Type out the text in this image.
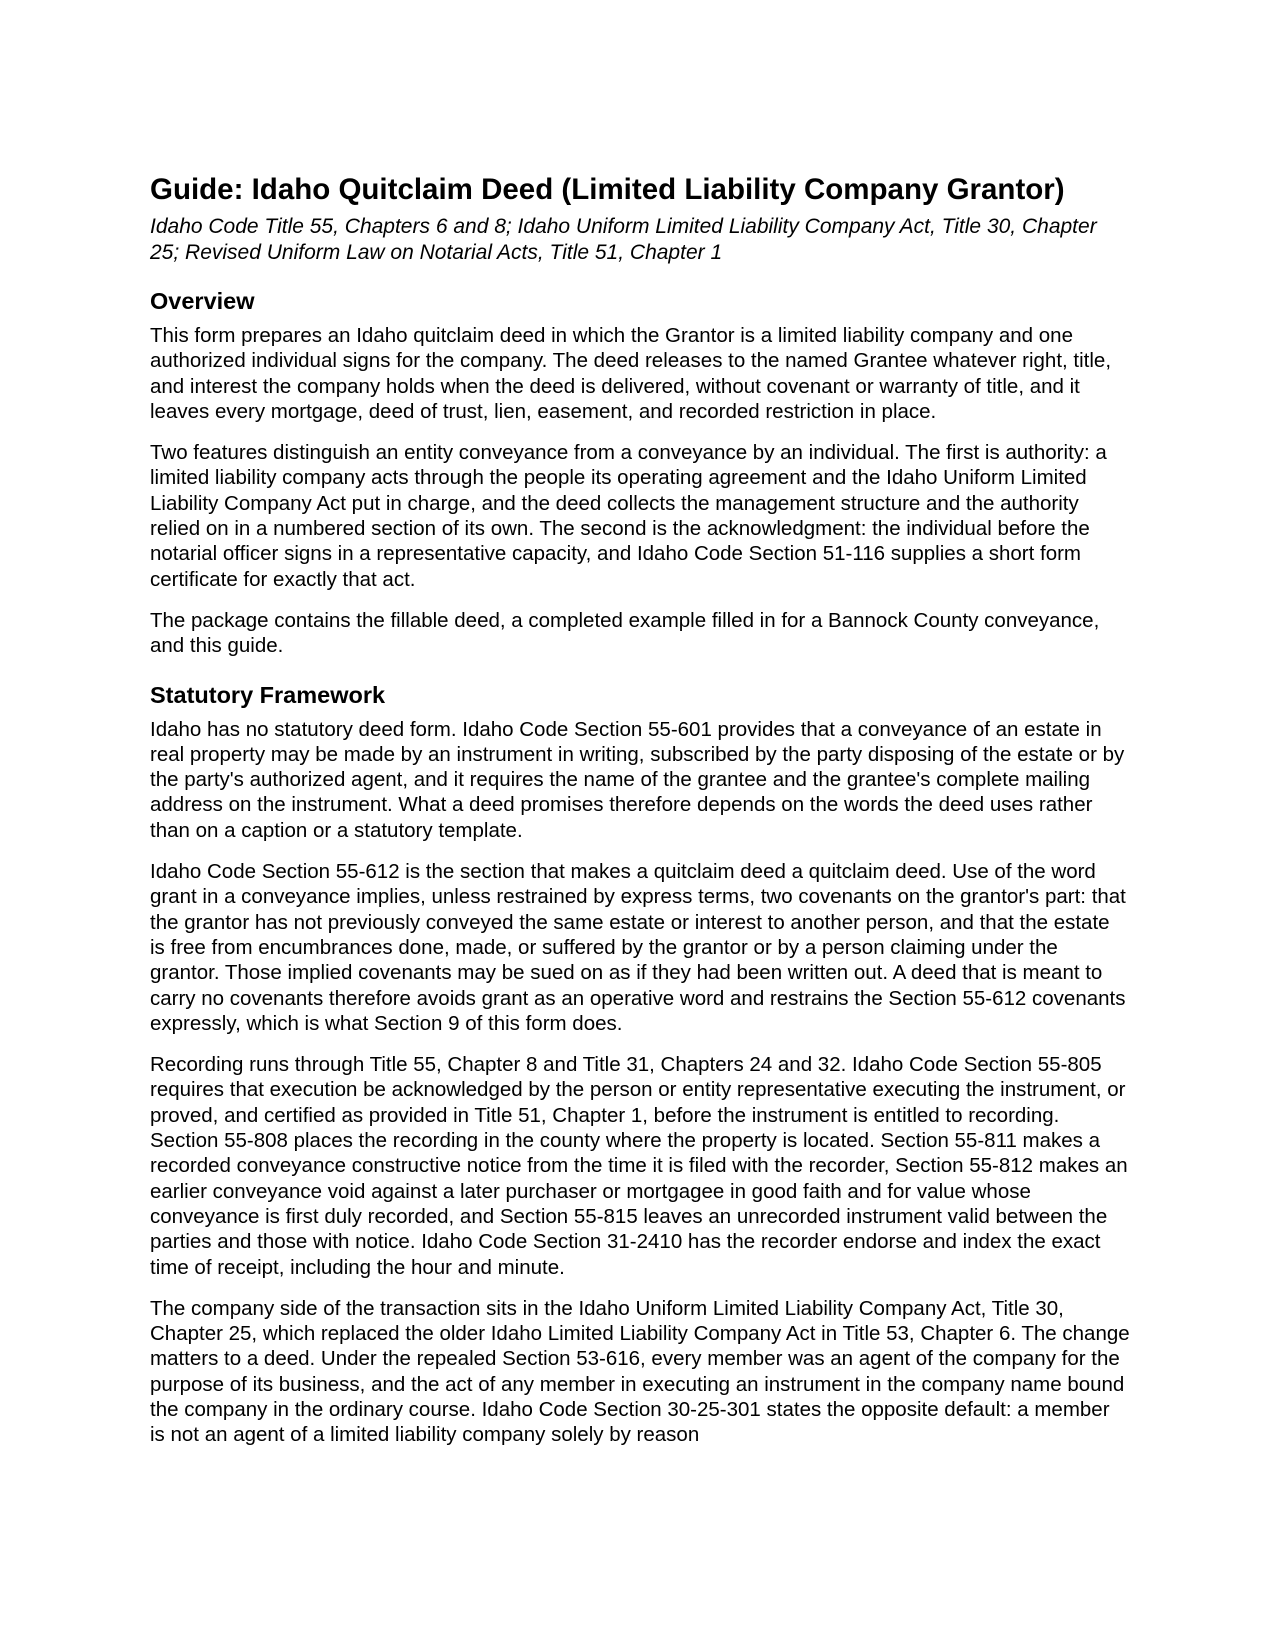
Guide: Idaho Quitclaim Deed (Limited Liability Company Grantor)

Idaho Code Title 55, Chapters 6 and 8; Idaho Uniform Limited Liability Company Act, Title 30, Chapter 25; Revised Uniform Law on Notarial Acts, Title 51, Chapter 1

Overview

This form prepares an Idaho quitclaim deed in which the Grantor is a limited liability company and one authorized individual signs for the company. The deed releases to the named Grantee whatever right, title, and interest the company holds when the deed is delivered, without covenant or warranty of title, and it leaves every mortgage, deed of trust, lien, easement, and recorded restriction in place.

Two features distinguish an entity conveyance from a conveyance by an individual. The first is authority: a limited liability company acts through the people its operating agreement and the Idaho Uniform Limited Liability Company Act put in charge, and the deed collects the management structure and the authority relied on in a numbered section of its own. The second is the acknowledgment: the individual before the notarial officer signs in a representative capacity, and Idaho Code Section 51-116 supplies a short form certificate for exactly that act.

The package contains the fillable deed, a completed example filled in for a Bannock County conveyance, and this guide.

Statutory Framework

Idaho has no statutory deed form. Idaho Code Section 55-601 provides that a conveyance of an estate in real property may be made by an instrument in writing, subscribed by the party disposing of the estate or by the party's authorized agent, and it requires the name of the grantee and the grantee's complete mailing address on the instrument. What a deed promises therefore depends on the words the deed uses rather than on a caption or a statutory template.

Idaho Code Section 55-612 is the section that makes a quitclaim deed a quitclaim deed. Use of the word grant in a conveyance implies, unless restrained by express terms, two covenants on the grantor's part: that the grantor has not previously conveyed the same estate or interest to another person, and that the estate is free from encumbrances done, made, or suffered by the grantor or by a person claiming under the grantor. Those implied covenants may be sued on as if they had been written out. A deed that is meant to carry no covenants therefore avoids grant as an operative word and restrains the Section 55-612 covenants expressly, which is what Section 9 of this form does.

Recording runs through Title 55, Chapter 8 and Title 31, Chapters 24 and 32. Idaho Code Section 55-805 requires that execution be acknowledged by the person or entity representative executing the instrument, or proved, and certified as provided in Title 51, Chapter 1, before the instrument is entitled to recording. Section 55-808 places the recording in the county where the property is located. Section 55-811 makes a recorded conveyance constructive notice from the time it is filed with the recorder, Section 55-812 makes an earlier conveyance void against a later purchaser or mortgagee in good faith and for value whose conveyance is first duly recorded, and Section 55-815 leaves an unrecorded instrument valid between the parties and those with notice. Idaho Code Section 31-2410 has the recorder endorse and index the exact time of receipt, including the hour and minute.

The company side of the transaction sits in the Idaho Uniform Limited Liability Company Act, Title 30, Chapter 25, which replaced the older Idaho Limited Liability Company Act in Title 53, Chapter 6. The change matters to a deed. Under the repealed Section 53-616, every member was an agent of the company for the purpose of its business, and the act of any member in executing an instrument in the company name bound the company in the ordinary course. Idaho Code Section 30-25-301 states the opposite default: a member is not an agent of a limited liability company solely by reason
